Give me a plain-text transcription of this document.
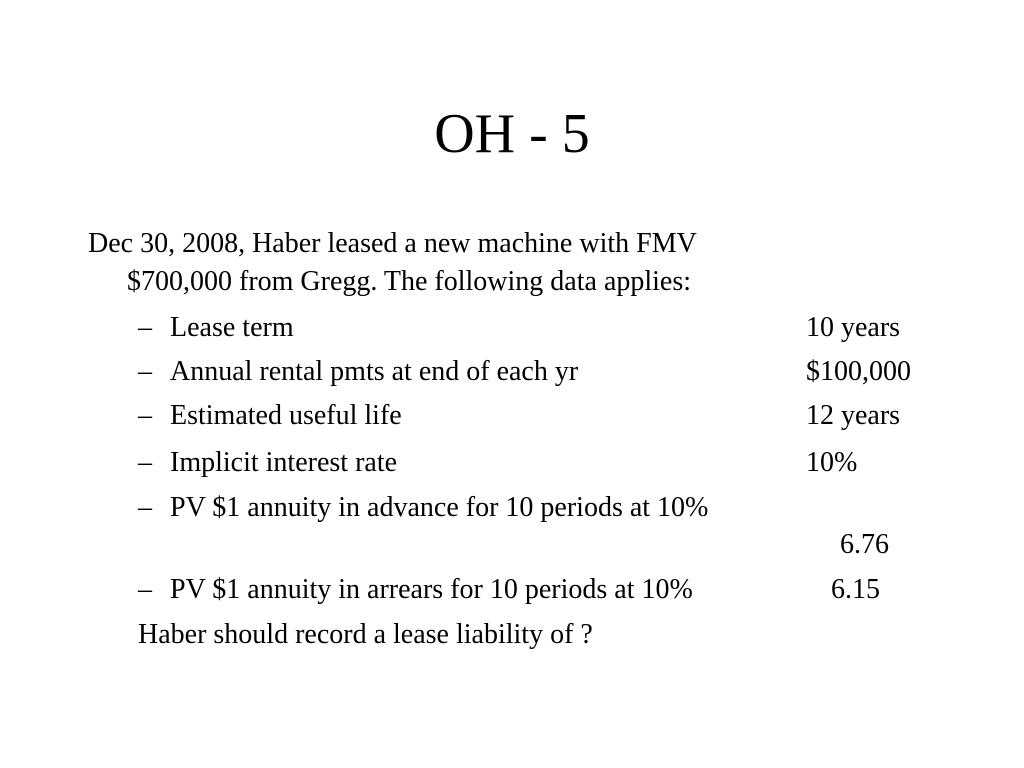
OH - 5
Dec 30, 2008, Haber leased a new machine with FMV
$700,000 from Gregg. The following data applies:
– Lease term	10 years
– Annual rental pmts at end of each yr	$100,000
– Estimated useful life	12 years
– Implicit interest rate	10%
– PV $1 annuity in advance for 10 periods at 10%
6.76
– PV $1 annuity in arrears for 10 periods at 10%	6.15
Haber should record a lease liability of ?
